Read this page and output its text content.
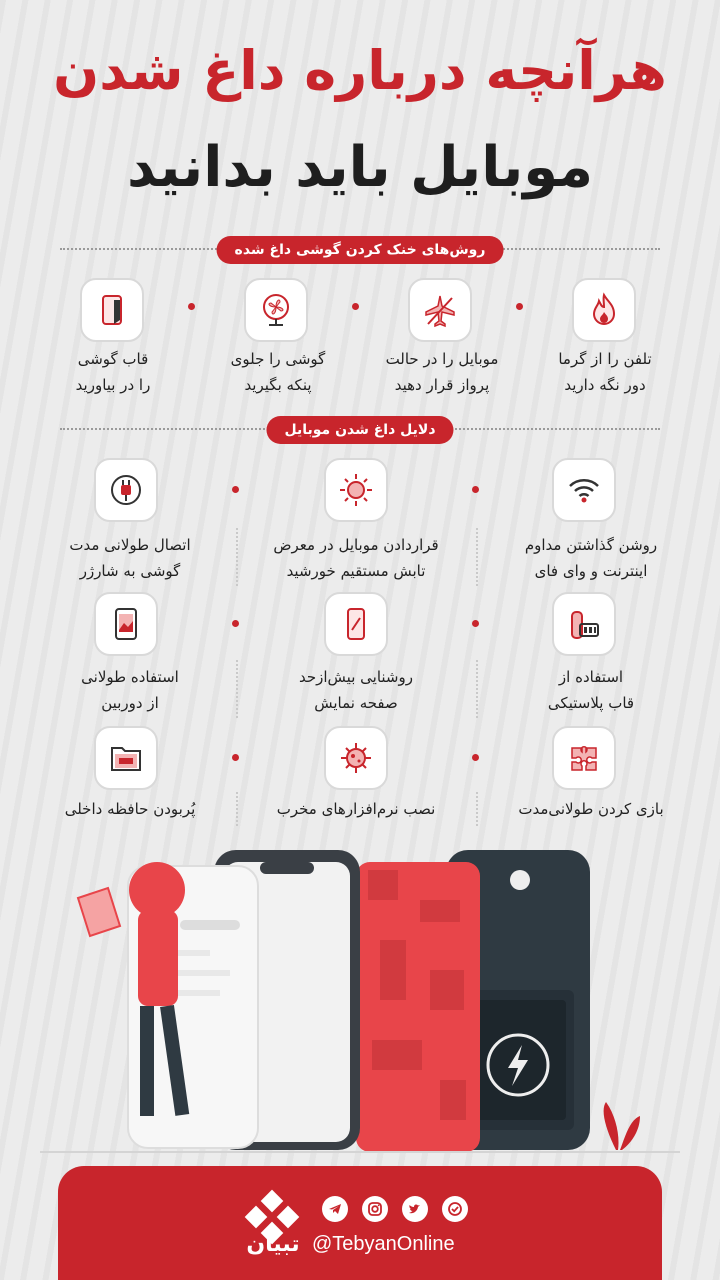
هرآنچه درباره داغ شدن
موبایل باید بدانید
روش‌های خنک کردن گوشی داغ شده
تلفن را از گرما
دور نگه دارید
موبایل را در حالت
پرواز قرار دهید
گوشی را جلوی
پنکه بگیرید
قاب گوشی
را در بیاورید
دلایل داغ شدن موبایل
روشن گذاشتن مداوم
اینترنت و وای فای
قراردادن موبایل در معرض
تابش مستقیم خورشید
اتصال طولانی مدت
گوشی به شارژر
استفاده از
قاب پلاستیکی
روشنایی بیش‌ازحد
صفحه نمایش
استفاده طولانی
از دوربین
بازی کردن طولانی‌مدت
نصب نرم‌افزارهای مخرب
پُربودن حافظه داخلی
تبیان @TebyanOnline
